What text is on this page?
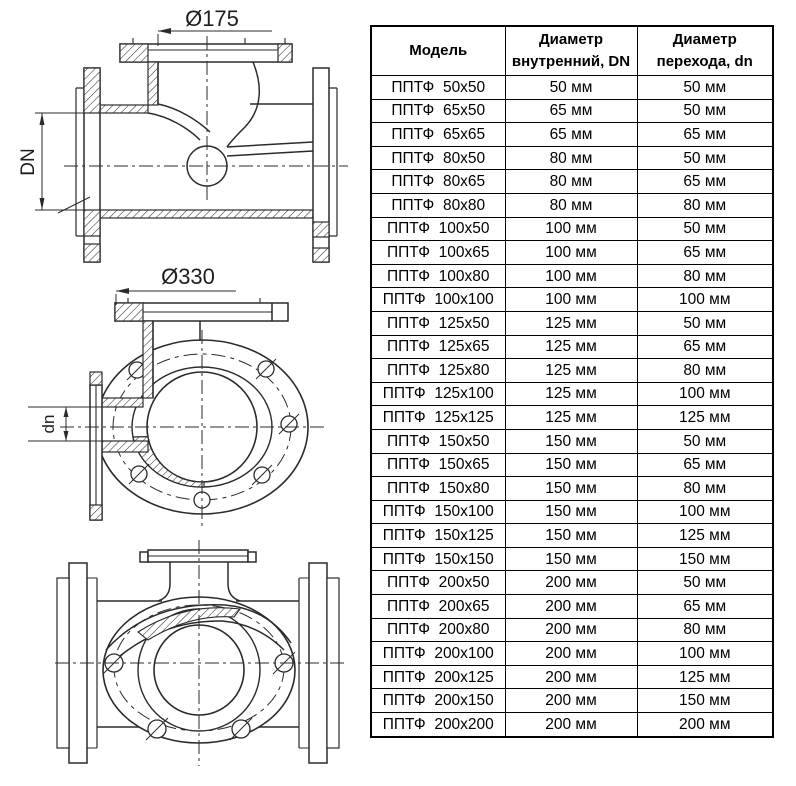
Ø175
DN
Ø330
dn
Модель	Диаметр внутренний, DN	Диаметр перехода, dn
ППТФ  50х50	50 мм	50 мм
ППТФ  65х50	65 мм	50 мм
ППТФ  65х65	65 мм	65 мм
ППТФ  80х50	80 мм	50 мм
ППТФ  80х65	80 мм	65 мм
ППТФ  80х80	80 мм	80 мм
ППТФ  100х50	100 мм	50 мм
ППТФ  100х65	100 мм	65 мм
ППТФ  100х80	100 мм	80 мм
ППТФ  100х100	100 мм	100 мм
ППТФ  125х50	125 мм	50 мм
ППТФ  125х65	125 мм	65 мм
ППТФ  125х80	125 мм	80 мм
ППТФ  125х100	125 мм	100 мм
ППТФ  125х125	125 мм	125 мм
ППТФ  150х50	150 мм	50 мм
ППТФ  150х65	150 мм	65 мм
ППТФ  150х80	150 мм	80 мм
ППТФ  150х100	150 мм	100 мм
ППТФ  150х125	150 мм	125 мм
ППТФ  150х150	150 мм	150 мм
ППТФ  200х50	200 мм	50 мм
ППТФ  200х65	200 мм	65 мм
ППТФ  200х80	200 мм	80 мм
ППТФ  200х100	200 мм	100 мм
ППТФ  200х125	200 мм	125 мм
ППТФ  200х150	200 мм	150 мм
ППТФ  200х200	200 мм	200 мм
